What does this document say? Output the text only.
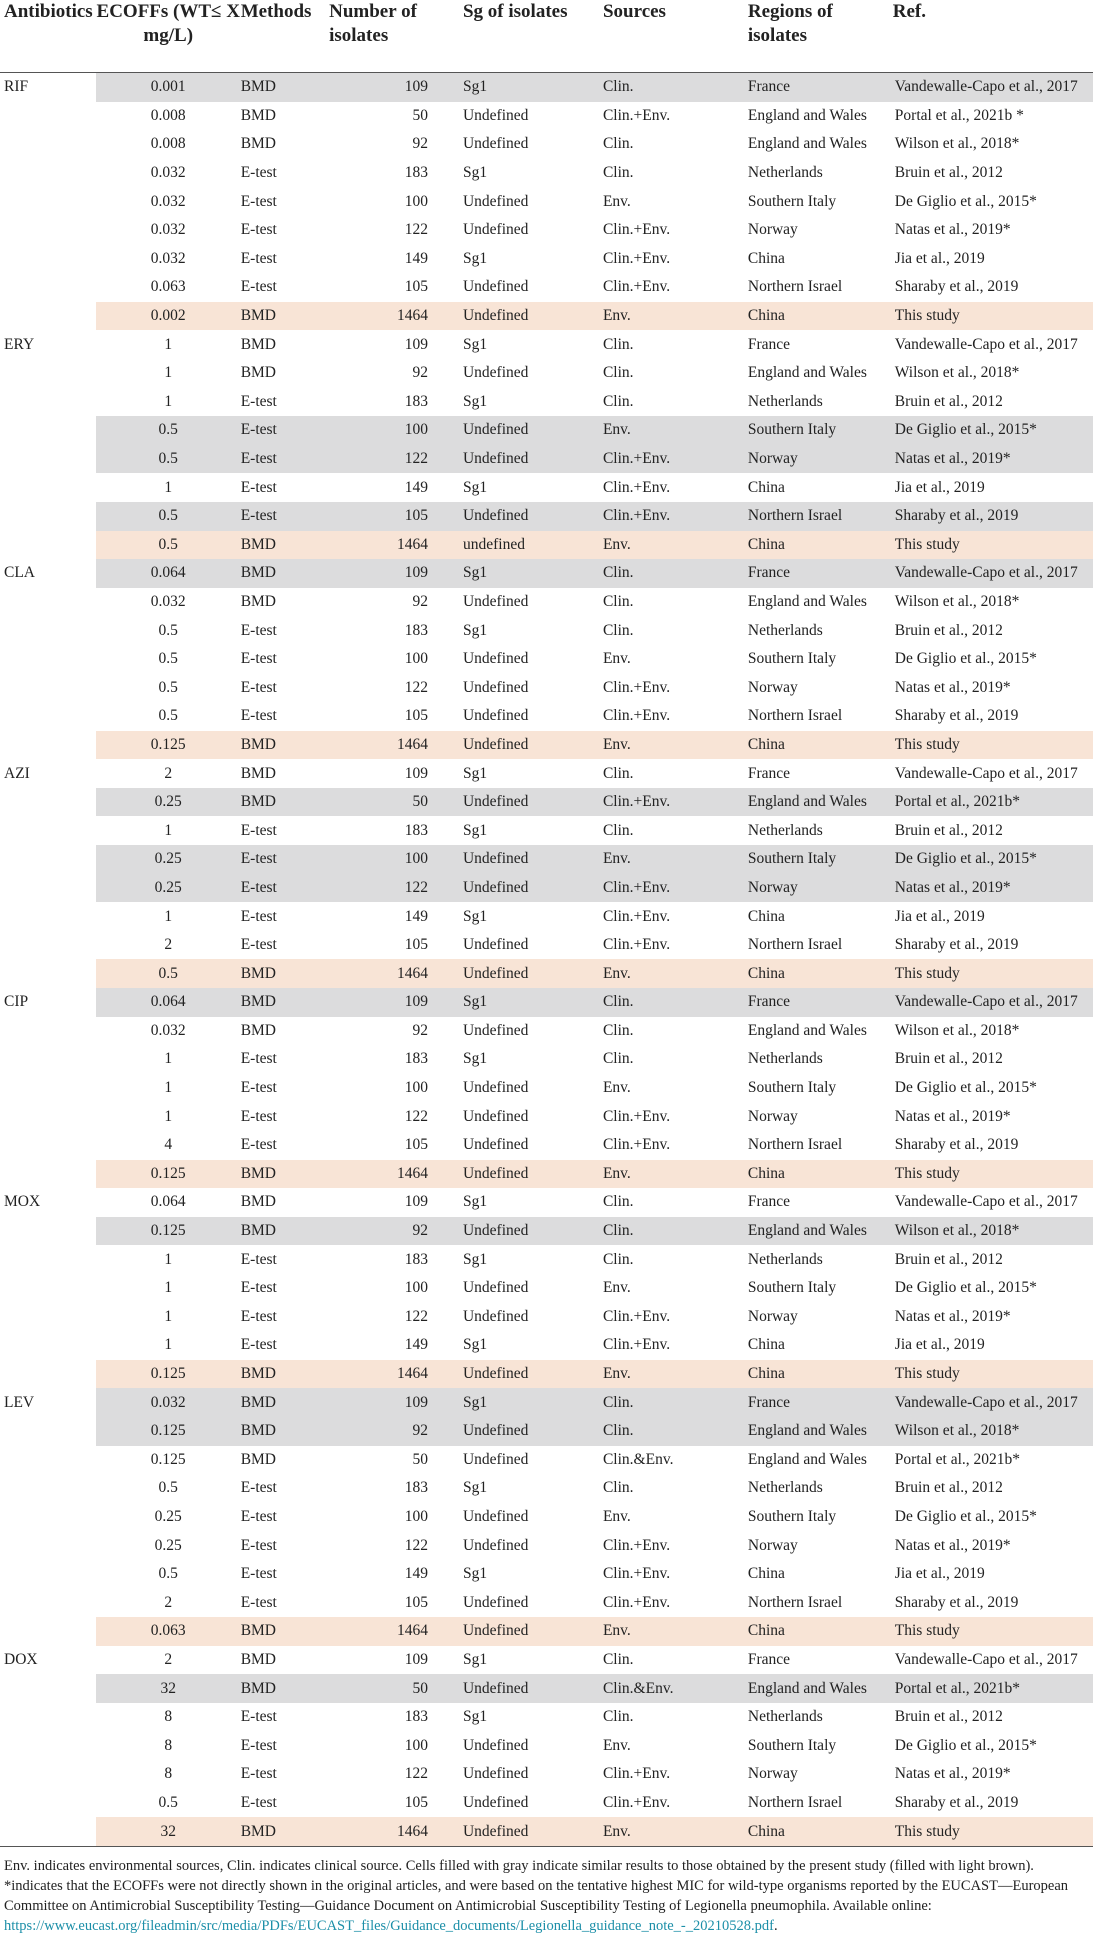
Antibiotics	ECOFFs (WT≤ X mg/L)	Methods	Number of isolates	Sg of isolates	Sources	Regions of isolates	Ref.
RIF	0.001	BMD	109	Sg1	Clin.	France	Vandewalle-Capo et al., 2017
	0.008	BMD	50	Undefined	Clin.+Env.	England and Wales	Portal et al., 2021b *
	0.008	BMD	92	Undefined	Clin.	England and Wales	Wilson et al., 2018*
	0.032	E-test	183	Sg1	Clin.	Netherlands	Bruin et al., 2012
	0.032	E-test	100	Undefined	Env.	Southern Italy	De Giglio et al., 2015*
	0.032	E-test	122	Undefined	Clin.+Env.	Norway	Natas et al., 2019*
	0.032	E-test	149	Sg1	Clin.+Env.	China	Jia et al., 2019
	0.063	E-test	105	Undefined	Clin.+Env.	Northern Israel	Sharaby et al., 2019
	0.002	BMD	1464	Undefined	Env.	China	This study
ERY	1	BMD	109	Sg1	Clin.	France	Vandewalle-Capo et al., 2017
	1	BMD	92	Undefined	Clin.	England and Wales	Wilson et al., 2018*
	1	E-test	183	Sg1	Clin.	Netherlands	Bruin et al., 2012
	0.5	E-test	100	Undefined	Env.	Southern Italy	De Giglio et al., 2015*
	0.5	E-test	122	Undefined	Clin.+Env.	Norway	Natas et al., 2019*
	1	E-test	149	Sg1	Clin.+Env.	China	Jia et al., 2019
	0.5	E-test	105	Undefined	Clin.+Env.	Northern Israel	Sharaby et al., 2019
	0.5	BMD	1464	undefined	Env.	China	This study
CLA	0.064	BMD	109	Sg1	Clin.	France	Vandewalle-Capo et al., 2017
	0.032	BMD	92	Undefined	Clin.	England and Wales	Wilson et al., 2018*
	0.5	E-test	183	Sg1	Clin.	Netherlands	Bruin et al., 2012
	0.5	E-test	100	Undefined	Env.	Southern Italy	De Giglio et al., 2015*
	0.5	E-test	122	Undefined	Clin.+Env.	Norway	Natas et al., 2019*
	0.5	E-test	105	Undefined	Clin.+Env.	Northern Israel	Sharaby et al., 2019
	0.125	BMD	1464	Undefined	Env.	China	This study
AZI	2	BMD	109	Sg1	Clin.	France	Vandewalle-Capo et al., 2017
	0.25	BMD	50	Undefined	Clin.+Env.	England and Wales	Portal et al., 2021b*
	1	E-test	183	Sg1	Clin.	Netherlands	Bruin et al., 2012
	0.25	E-test	100	Undefined	Env.	Southern Italy	De Giglio et al., 2015*
	0.25	E-test	122	Undefined	Clin.+Env.	Norway	Natas et al., 2019*
	1	E-test	149	Sg1	Clin.+Env.	China	Jia et al., 2019
	2	E-test	105	Undefined	Clin.+Env.	Northern Israel	Sharaby et al., 2019
	0.5	BMD	1464	Undefined	Env.	China	This study
CIP	0.064	BMD	109	Sg1	Clin.	France	Vandewalle-Capo et al., 2017
	0.032	BMD	92	Undefined	Clin.	England and Wales	Wilson et al., 2018*
	1	E-test	183	Sg1	Clin.	Netherlands	Bruin et al., 2012
	1	E-test	100	Undefined	Env.	Southern Italy	De Giglio et al., 2015*
	1	E-test	122	Undefined	Clin.+Env.	Norway	Natas et al., 2019*
	4	E-test	105	Undefined	Clin.+Env.	Northern Israel	Sharaby et al., 2019
	0.125	BMD	1464	Undefined	Env.	China	This study
MOX	0.064	BMD	109	Sg1	Clin.	France	Vandewalle-Capo et al., 2017
	0.125	BMD	92	Undefined	Clin.	England and Wales	Wilson et al., 2018*
	1	E-test	183	Sg1	Clin.	Netherlands	Bruin et al., 2012
	1	E-test	100	Undefined	Env.	Southern Italy	De Giglio et al., 2015*
	1	E-test	122	Undefined	Clin.+Env.	Norway	Natas et al., 2019*
	1	E-test	149	Sg1	Clin.+Env.	China	Jia et al., 2019
	0.125	BMD	1464	Undefined	Env.	China	This study
LEV	0.032	BMD	109	Sg1	Clin.	France	Vandewalle-Capo et al., 2017
	0.125	BMD	92	Undefined	Clin.	England and Wales	Wilson et al., 2018*
	0.125	BMD	50	Undefined	Clin.&Env.	England and Wales	Portal et al., 2021b*
	0.5	E-test	183	Sg1	Clin.	Netherlands	Bruin et al., 2012
	0.25	E-test	100	Undefined	Env.	Southern Italy	De Giglio et al., 2015*
	0.25	E-test	122	Undefined	Clin.+Env.	Norway	Natas et al., 2019*
	0.5	E-test	149	Sg1	Clin.+Env.	China	Jia et al., 2019
	2	E-test	105	Undefined	Clin.+Env.	Northern Israel	Sharaby et al., 2019
	0.063	BMD	1464	Undefined	Env.	China	This study
DOX	2	BMD	109	Sg1	Clin.	France	Vandewalle-Capo et al., 2017
	32	BMD	50	Undefined	Clin.&Env.	England and Wales	Portal et al., 2021b*
	8	E-test	183	Sg1	Clin.	Netherlands	Bruin et al., 2012
	8	E-test	100	Undefined	Env.	Southern Italy	De Giglio et al., 2015*
	8	E-test	122	Undefined	Clin.+Env.	Norway	Natas et al., 2019*
	0.5	E-test	105	Undefined	Clin.+Env.	Northern Israel	Sharaby et al., 2019
	32	BMD	1464	Undefined	Env.	China	This study

Env. indicates environmental sources, Clin. indicates clinical source. Cells filled with gray indicate similar results to those obtained by the present study (filled with light brown).

*indicates that the ECOFFs were not directly shown in the original articles, and were based on the tentative highest MIC for wild-type organisms reported by the EUCAST—European Committee on Antimicrobial Susceptibility Testing—Guidance Document on Antimicrobial Susceptibility Testing of Legionella pneumophila. Available online: https://www.eucast.org/fileadmin/src/media/PDFs/EUCAST_files/Guidance_documents/Legionella_guidance_note_-_20210528.pdf.
